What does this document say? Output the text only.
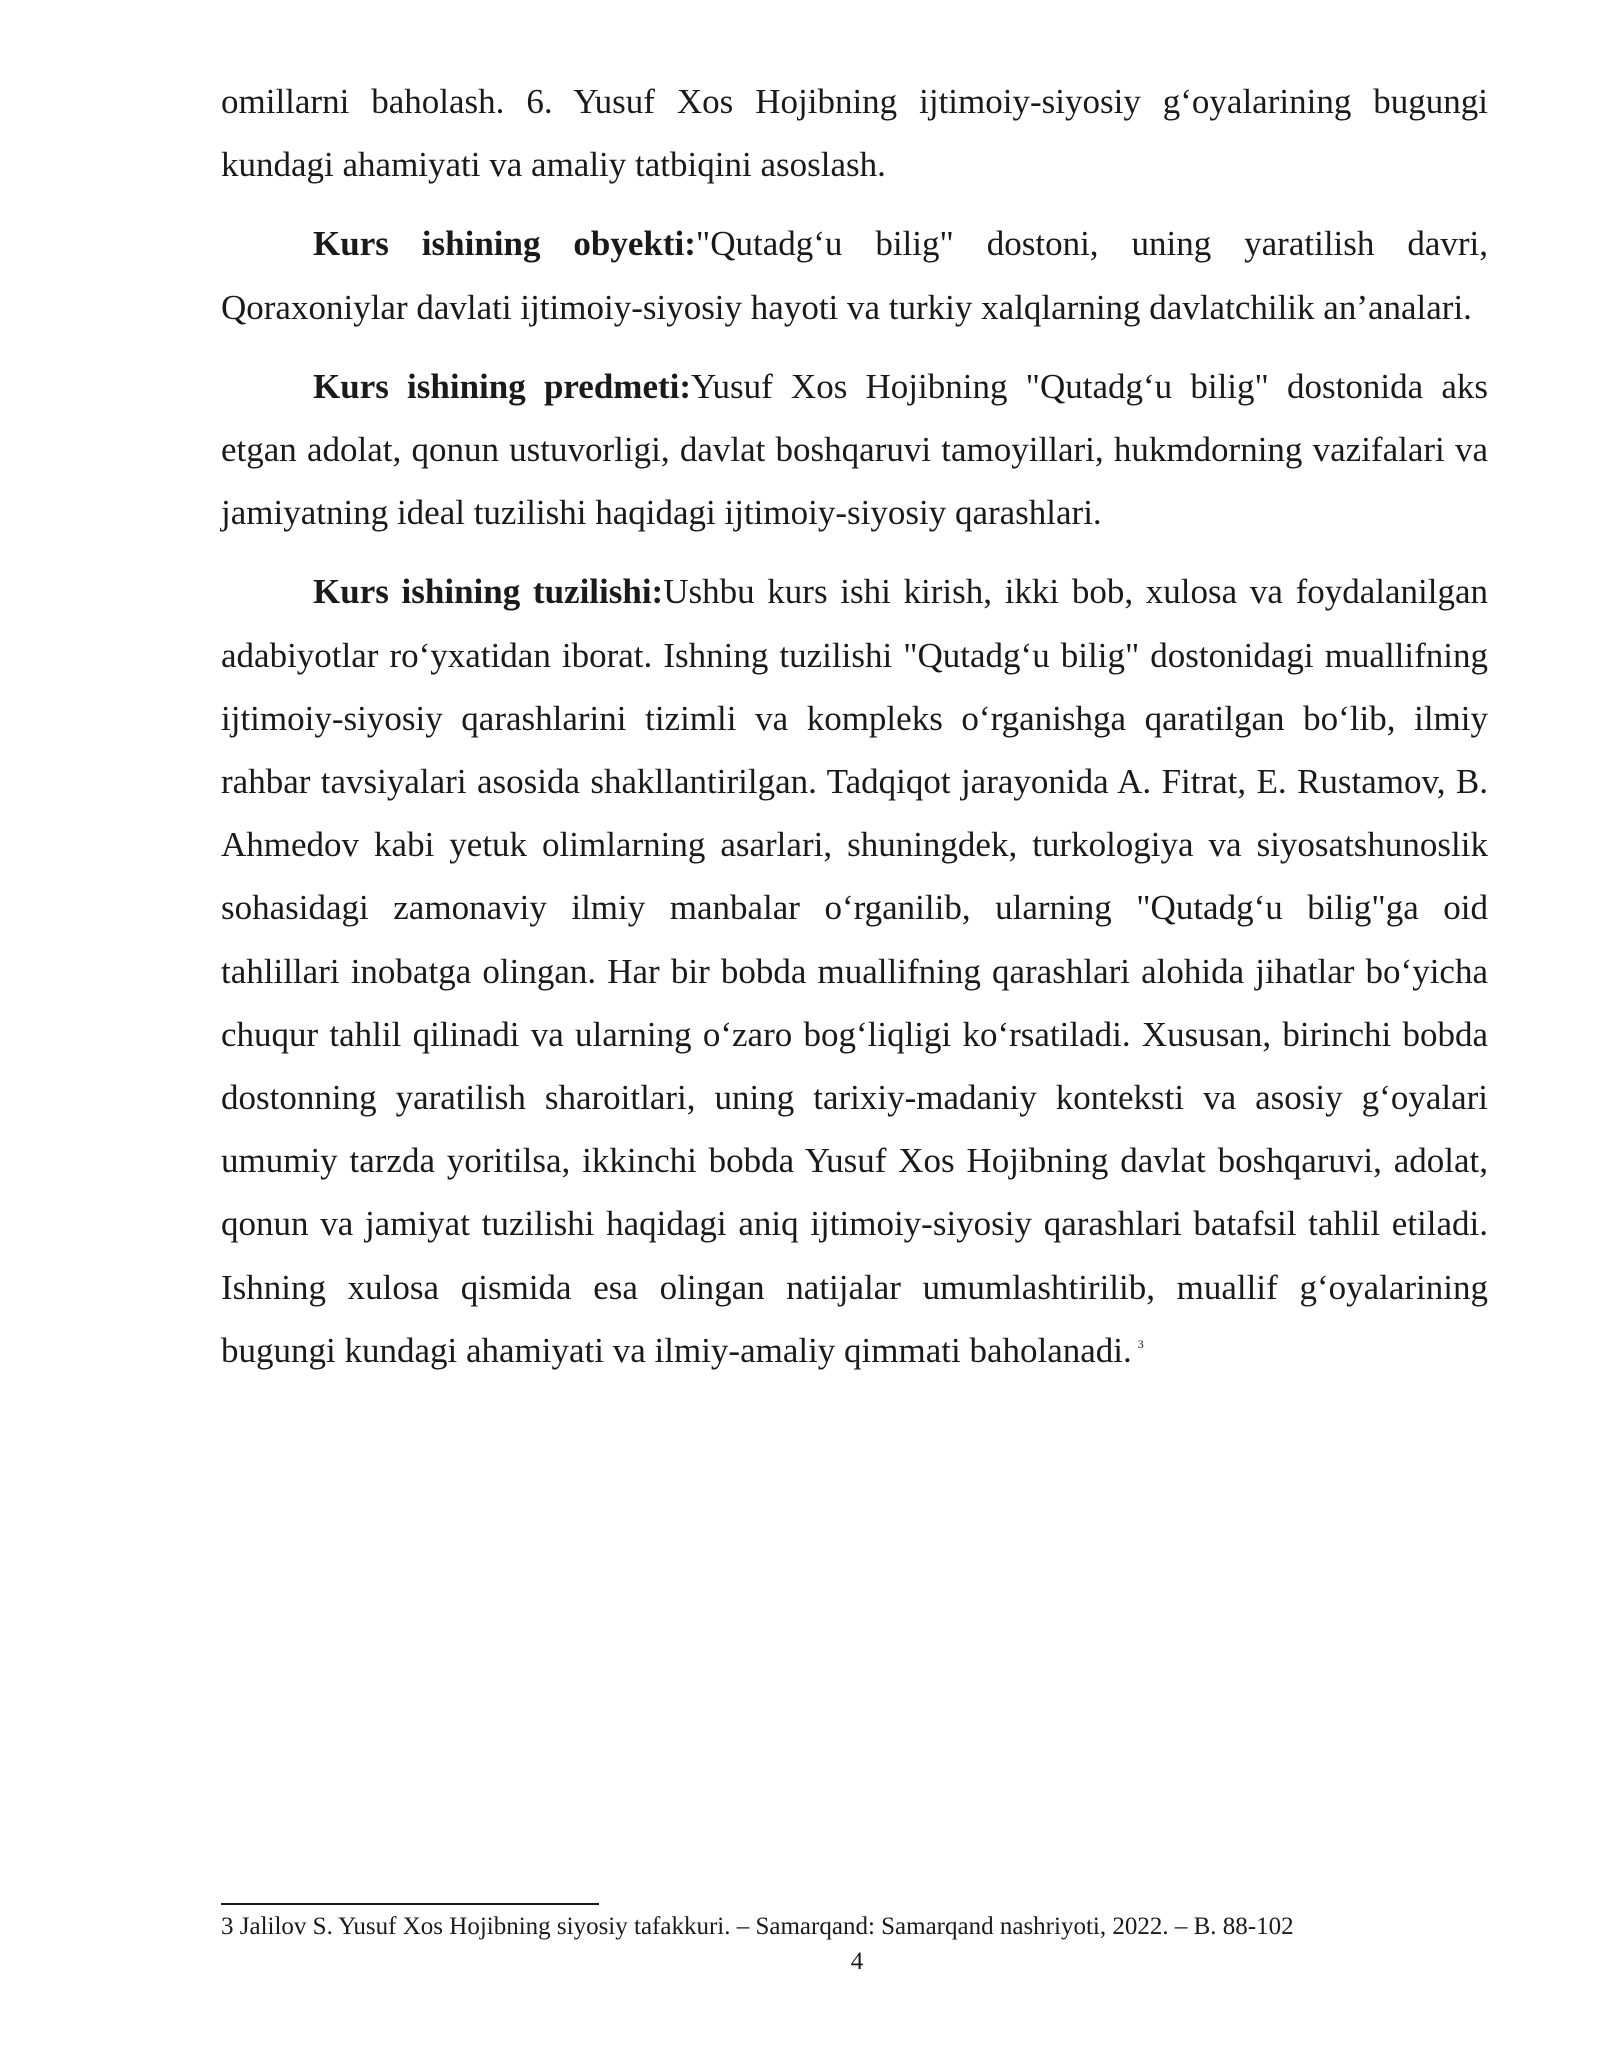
omillarni baholash. 6. Yusuf Xos Hojibning ijtimoiy-siyosiy g‘oyalarining bugungi kundagi ahamiyati va amaliy tatbiqini asoslash.

Kurs ishining obyekti:"Qutadg‘u bilig" dostoni, uning yaratilish davri, Qoraxoniylar davlati ijtimoiy-siyosiy hayoti va turkiy xalqlarning davlatchilik an’analari.

Kurs ishining predmeti:Yusuf Xos Hojibning "Qutadg‘u bilig" dostonida aks etgan adolat, qonun ustuvorligi, davlat boshqaruvi tamoyillari, hukmdorning vazifalari va jamiyatning ideal tuzilishi haqidagi ijtimoiy-siyosiy qarashlari.

Kurs ishining tuzilishi:Ushbu kurs ishi kirish, ikki bob, xulosa va foydalanilgan adabiyotlar ro‘yxatidan iborat. Ishning tuzilishi "Qutadg‘u bilig" dostonidagi muallifning ijtimoiy-siyosiy qarashlarini tizimli va kompleks o‘rganishga qaratilgan bo‘lib, ilmiy rahbar tavsiyalari asosida shakllantirilgan. Tadqiqot jarayonida A. Fitrat, E. Rustamov, B. Ahmedov kabi yetuk olimlarning asarlari, shuningdek, turkologiya va siyosatshunoslik sohasidagi zamonaviy ilmiy manbalar o‘rganilib, ularning "Qutadg‘u bilig"ga oid tahlillari inobatga olingan. Har bir bobda muallifning qarashlari alohida jihatlar bo‘yicha chuqur tahlil qilinadi va ularning o‘zaro bog‘liqligi ko‘rsatiladi. Xususan, birinchi bobda dostonning yaratilish sharoitlari, uning tarixiy-madaniy konteksti va asosiy g‘oyalari umumiy tarzda yoritilsa, ikkinchi bobda Yusuf Xos Hojibning davlat boshqaruvi, adolat, qonun va jamiyat tuzilishi haqidagi aniq ijtimoiy-siyosiy qarashlari batafsil tahlil etiladi. Ishning xulosa qismida esa olingan natijalar umumlashtirilib, muallif g‘oyalarining bugungi kundagi ahamiyati va ilmiy-amaliy qimmati baholanadi. $^3$

3 Jalilov S. Yusuf Xos Hojibning siyosiy tafakkuri. – Samarqand: Samarqand nashriyoti, 2022. – B. 88-102
4
